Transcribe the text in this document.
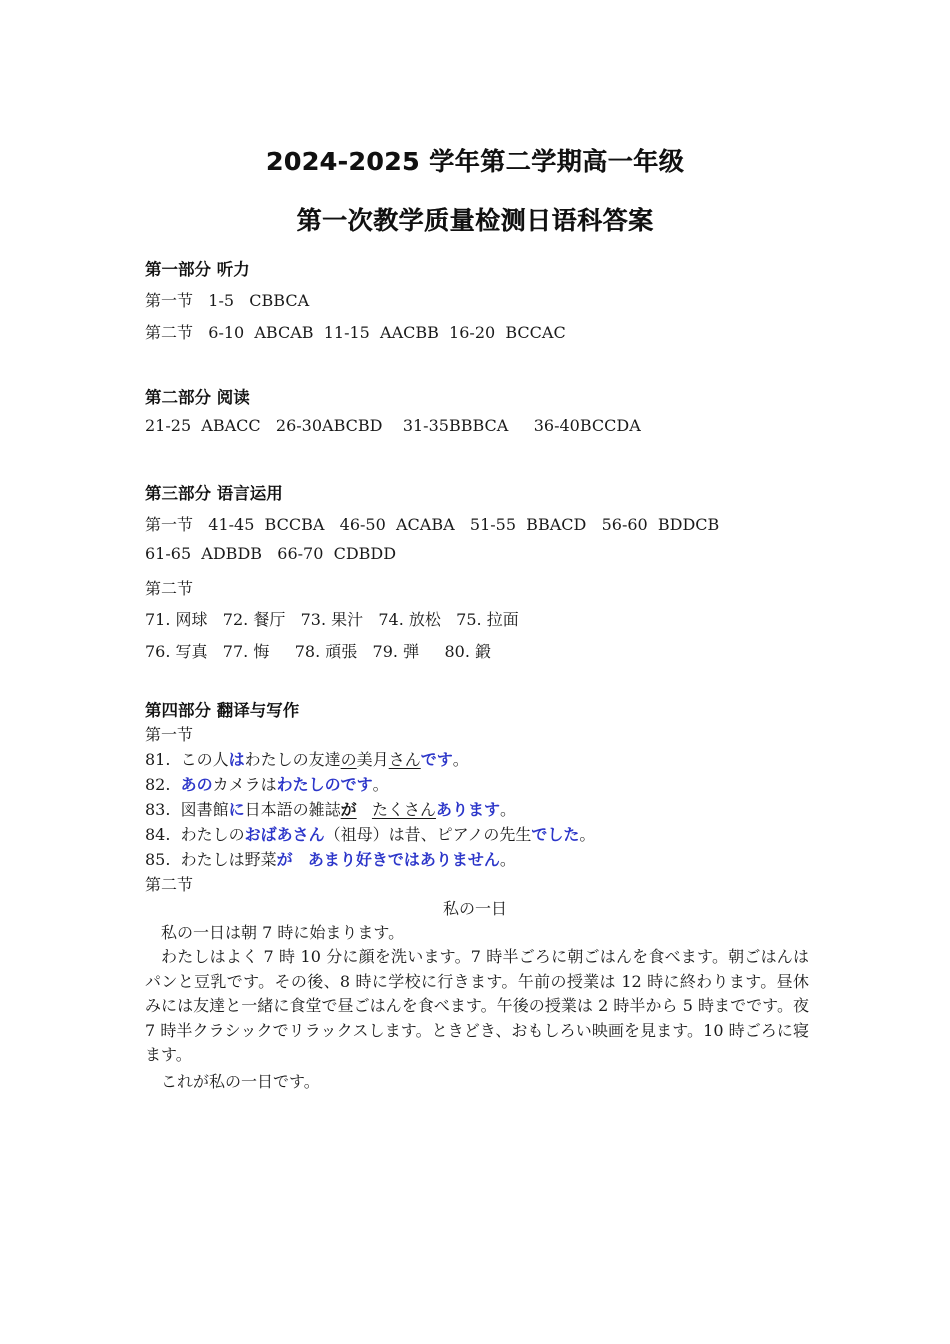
2024-2025 学年第二学期高一年级
第一次教学质量检测日语科答案
第一部分 听力
第一节   1-5   CBBCA
第二节   6-10  ABCAB  11-15  AACBB  16-20  BCCAC
第二部分 阅读
21-25  ABACC   26-30ABCBD    31-35BBBCA     36-40BCCDA
第三部分 语言运用
第一节   41-45  BCCBA   46-50  ACABA   51-55  BBACD   56-60  BDDCB
61-65  ADBDB   66-70  CDBDD
第二节
71. 网球   72. 餐厅   73. 果汁   74. 放松   75. 拉面
76. 写真   77. 悔     78. 頑張   79. 弾     80. 鍛
第四部分 翻译与写作
第一节
81.  この人はわたしの友達の美月さんです。
82.  あのカメラはわたしのです。
83.  図書館に日本語の雑誌が たくさんあります。
84.  わたしのおばあさん（祖母）は昔、ピアノの先生でした。
85.  わたしは野菜が あまり好きではありません。
第二节
私の一日
私の一日は朝 7 時に始まります。
わたしはよく 7 時 10 分に顔を洗います。7 時半ごろに朝ごはんを食べます。朝ごはんはパンと豆乳です。その後、8 時に学校に行きます。午前の授業は 12 時に終わります。昼休みには友達と一緒に食堂で昼ごはんを食べます。午後の授業は 2 時半から 5 時までです。夜 7 時半クラシックでリラックスします。ときどき、おもしろい映画を見ます。10 時ごろに寝ます。
これが私の一日です。
